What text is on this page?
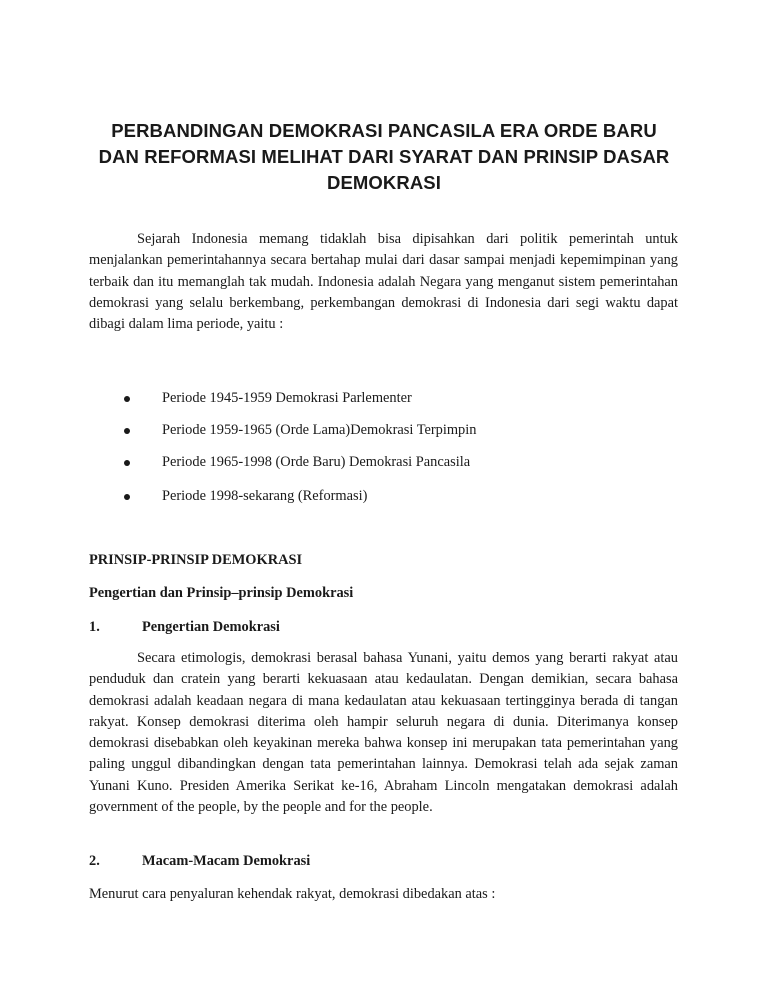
PERBANDINGAN DEMOKRASI PANCASILA ERA ORDE BARU
DAN REFORMASI MELIHAT DARI SYARAT DAN PRINSIP DASAR
DEMOKRASI

Sejarah Indonesia memang tidaklah bisa dipisahkan dari politik pemerintah untuk menjalankan pemerintahannya secara bertahap mulai dari dasar sampai menjadi kepemimpinan yang terbaik dan itu memanglah tak mudah. Indonesia adalah Negara yang menganut sistem pemerintahan demokrasi yang selalu berkembang, perkembangan demokrasi di Indonesia dari segi waktu dapat dibagi dalam lima periode, yaitu :

Periode 1945-1959 Demokrasi Parlementer
Periode 1959-1965 (Orde Lama)Demokrasi Terpimpin
Periode 1965-1998 (Orde Baru) Demokrasi Pancasila
Periode 1998-sekarang (Reformasi)
PRINSIP-PRINSIP DEMOKRASI
Pengertian dan Prinsip–prinsip Demokrasi
1.	Pengertian Demokrasi

Secara etimologis, demokrasi berasal bahasa Yunani, yaitu demos yang berarti rakyat atau penduduk dan cratein yang berarti kekuasaan atau kedaulatan. Dengan demikian, secara bahasa demokrasi adalah keadaan negara di mana kedaulatan atau kekuasaan tertingginya berada di tangan rakyat. Konsep demokrasi diterima oleh hampir seluruh negara di dunia. Diterimanya konsep demokrasi disebabkan oleh keyakinan mereka bahwa konsep ini merupakan tata pemerintahan yang paling unggul dibandingkan dengan tata pemerintahan lainnya. Demokrasi telah ada sejak zaman Yunani Kuno. Presiden Amerika Serikat ke-16, Abraham Lincoln mengatakan demokrasi adalah government of the people, by the people and for the people.

2.	Macam-Macam Demokrasi
Menurut cara penyaluran kehendak rakyat, demokrasi dibedakan atas :
